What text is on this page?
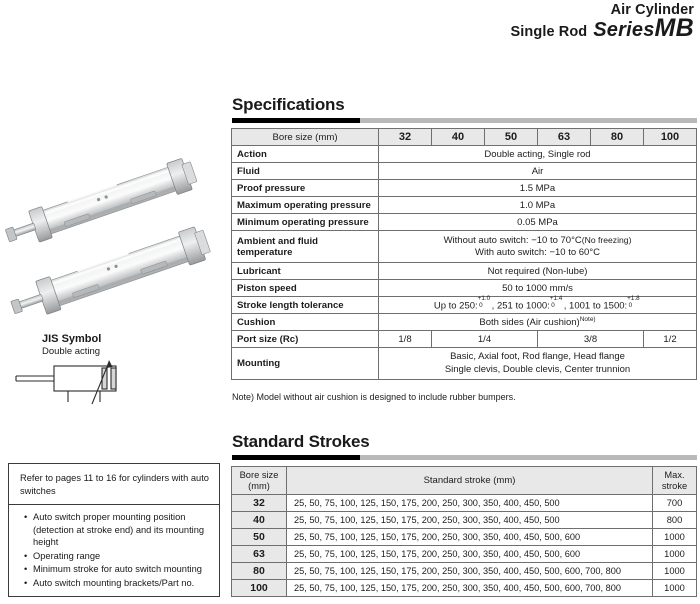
Air Cylinder
Single Rod SeriesMB
JIS Symbol
Double acting
Refer to pages 11 to 16 for cylinders with auto switches
• Auto switch proper mounting position (detection at stroke end) and its mounting height
• Operating range
• Minimum stroke for auto switch mounting
• Auto switch mounting brackets/Part no.
Specifications
Bore size (mm)	32	40	50	63	80	100
Action	Double acting, Single rod					
Fluid	Air					
Proof pressure	1.5 MPa					
Maximum operating pressure	1.0 MPa					
Minimum operating pressure	0.05 MPa					
Ambient and fluid temperature	Without auto switch: −10 to 70°C(No freezing)
With auto switch: −10 to 60°C					

Lubricant	Not required (Non-lube)					
Piston speed	50 to 1000 mm/s					
Stroke length tolerance	Up to 250:
+1.0
0 , 251 to 1000:
+1.4
0 , 1001 to 1500:
+1.8
0

Cushion	Both sides (Air cushion)$^{Note)}$
Port size (Rc)	1/8	1/4		3/8		1/2
Mounting	Basic, Axial foot, Rod flange, Head flange
Single clevis, Double clevis, Center trunnion					
Note) Model without air cushion is designed to include rubber bumpers.
Standard Strokes
Bore size
(mm)	Standard stroke (mm)	Max.
stroke
32	25, 50, 75, 100, 125, 150, 175, 200, 250, 300, 350, 400, 450, 500	700
40	25, 50, 75, 100, 125, 150, 175, 200, 250, 300, 350, 400, 450, 500	800
50	25, 50, 75, 100, 125, 150, 175, 200, 250, 300, 350, 400, 450, 500, 600	1000
63	25, 50, 75, 100, 125, 150, 175, 200, 250, 300, 350, 400, 450, 500, 600	1000
80	25, 50, 75, 100, 125, 150, 175, 200, 250, 300, 350, 400, 450, 500, 600, 700, 800	1000
100	25, 50, 75, 100, 125, 150, 175, 200, 250, 300, 350, 400, 450, 500, 600, 700, 800	1000
